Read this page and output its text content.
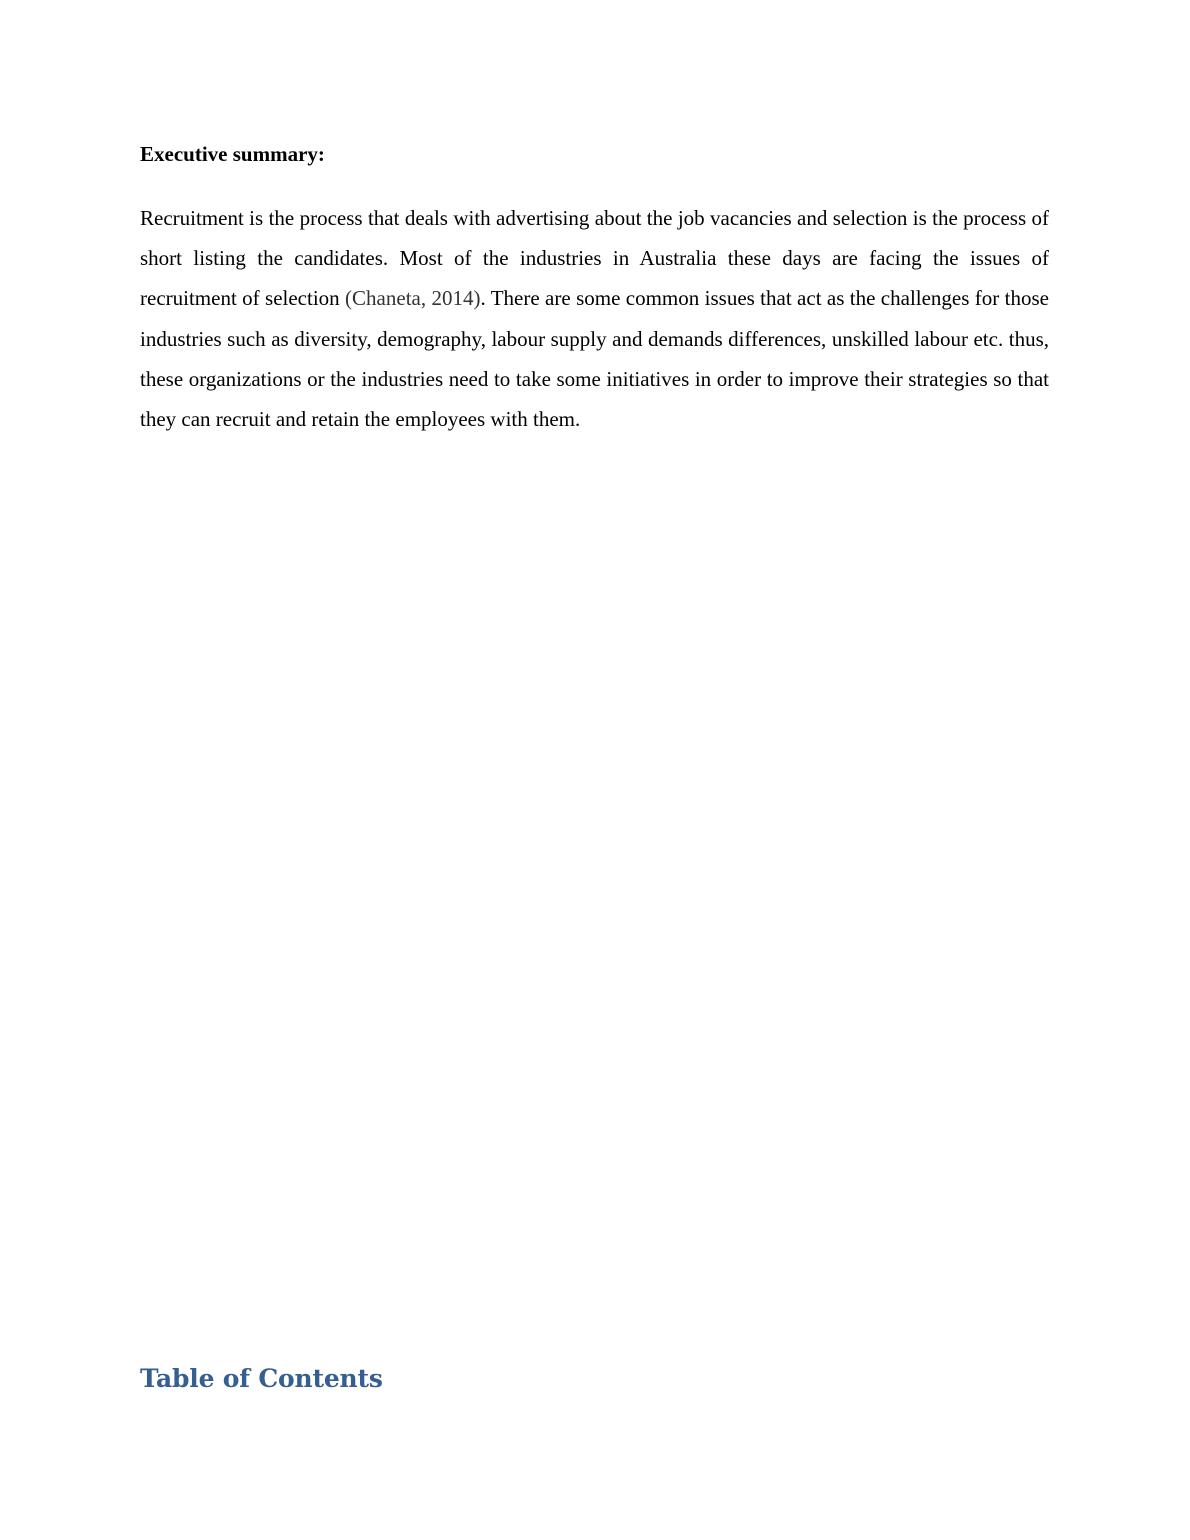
Executive summary:

Recruitment is the process that deals with advertising about the job vacancies and selection is the process of short listing the candidates. Most of the industries in Australia these days are facing the issues of recruitment of selection (Chaneta, 2014). There are some common issues that act as the challenges for those industries such as diversity, demography, labour supply and demands differences, unskilled labour etc. thus, these organizations or the industries need to take some initiatives in order to improve their strategies so that they can recruit and retain the employees with them.

Table of Contents
